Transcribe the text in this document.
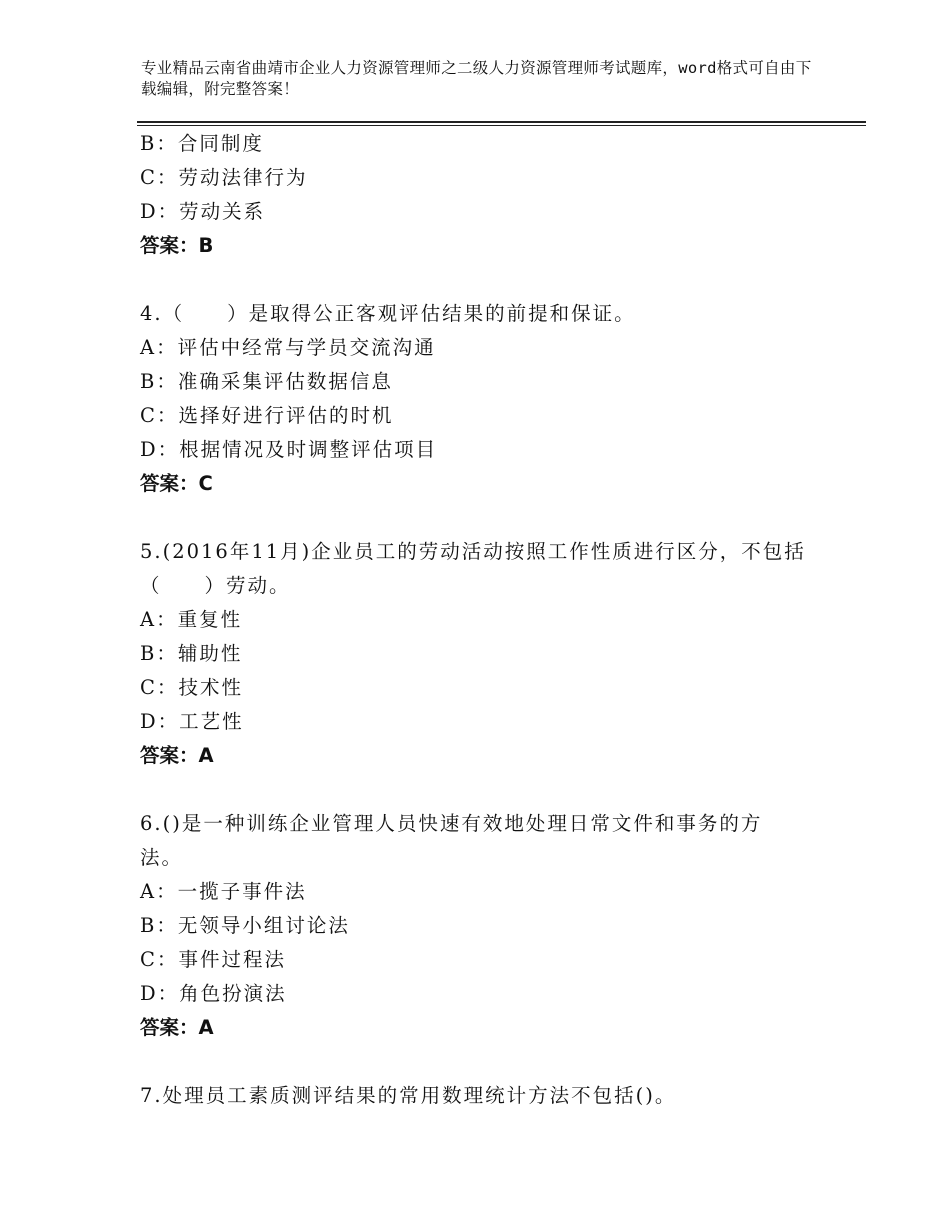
专业精品云南省曲靖市企业人力资源管理师之二级人力资源管理师考试题库，word格式可自由下载编辑，附完整答案！
B：合同制度
C：劳动法律行为
D：劳动关系
答案：B
4.（　　）是取得公正客观评估结果的前提和保证。
A：评估中经常与学员交流沟通
B：准确采集评估数据信息
C：选择好进行评估的时机
D：根据情况及时调整评估项目
答案：C
5.(2016年11月)企业员工的劳动活动按照工作性质进行区分，不包括
（　　）劳动。
A：重复性
B：辅助性
C：技术性
D：工艺性
答案：A
6.()是一种训练企业管理人员快速有效地处理日常文件和事务的方
法。
A：一揽子事件法
B：无领导小组讨论法
C：事件过程法
D：角色扮演法
答案：A
7.处理员工素质测评结果的常用数理统计方法不包括()。
